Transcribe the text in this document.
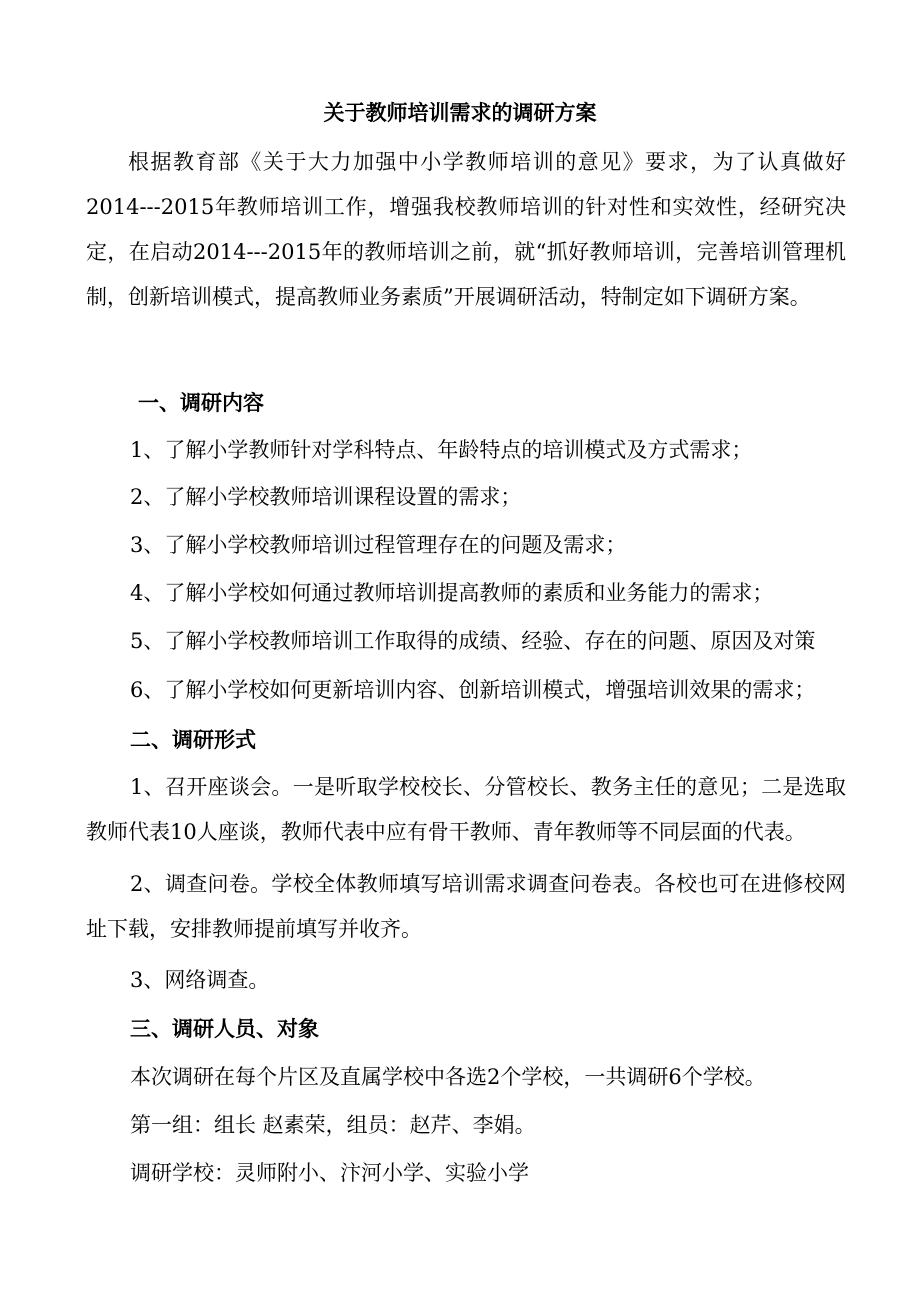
关于教师培训需求的调研方案
根据教育部《关于大力加强中小学教师培训的意见》要求，为了认真做好2014---2015年教师培训工作，增强我校教师培训的针对性和实效性，经研究决定，在启动2014---2015年的教师培训之前，就“抓好教师培训，完善培训管理机制，创新培训模式，提高教师业务素质”开展调研活动，特制定如下调研方案。
一、调研内容
1、了解小学教师针对学科特点、年龄特点的培训模式及方式需求；
2、了解小学校教师培训课程设置的需求；
3、了解小学校教师培训过程管理存在的问题及需求；
4、了解小学校如何通过教师培训提高教师的素质和业务能力的需求；
5、了解小学校教师培训工作取得的成绩、经验、存在的问题、原因及对策
6、了解小学校如何更新培训内容、创新培训模式，增强培训效果的需求；
二、调研形式
1、召开座谈会。一是听取学校校长、分管校长、教务主任的意见；二是选取教师代表10人座谈，教师代表中应有骨干教师、青年教师等不同层面的代表。
2、调查问卷。学校全体教师填写培训需求调查问卷表。各校也可在进修校网址下载，安排教师提前填写并收齐。
3、网络调查。
三、调研人员、对象
本次调研在每个片区及直属学校中各选2个学校，一共调研6个学校。
第一组：组长 赵素荣，组员：赵芹、李娟。
调研学校：灵师附小、汴河小学、实验小学
